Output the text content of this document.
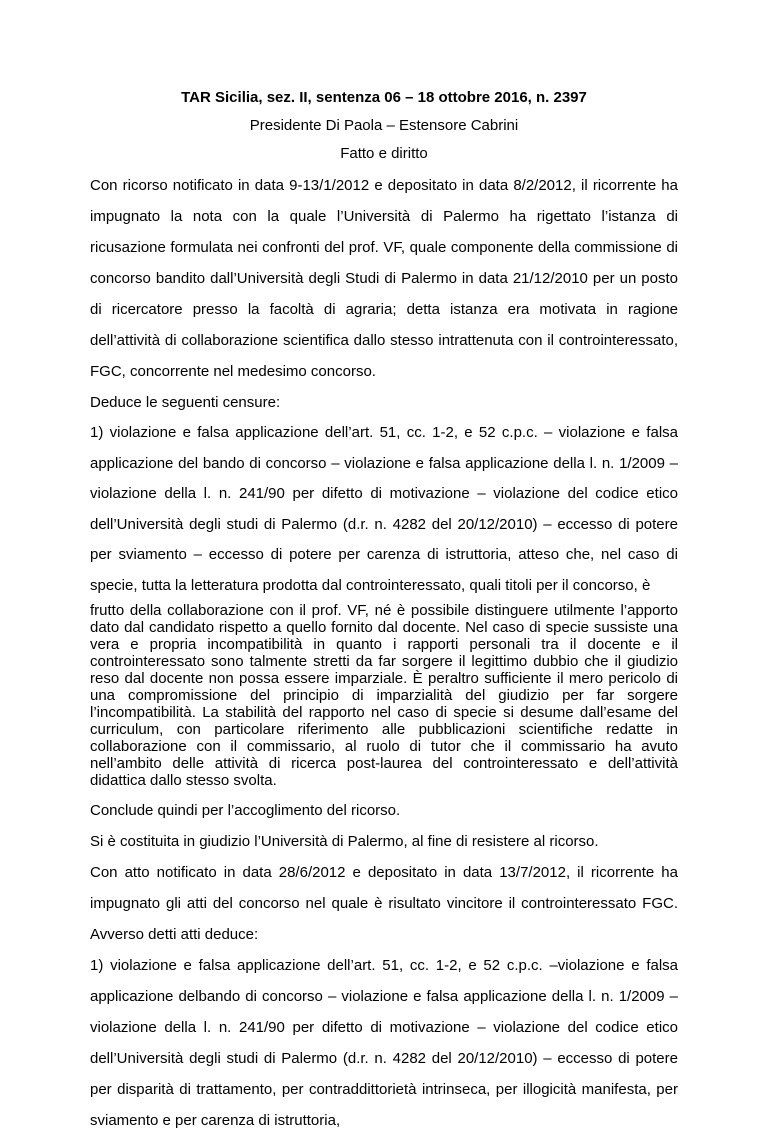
TAR Sicilia, sez. II, sentenza 06 – 18 ottobre 2016, n. 2397
Presidente Di Paola – Estensore Cabrini
Fatto e diritto

Con ricorso notificato in data 9-13/1/2012 e depositato in data 8/2/2012, il ricorrente ha impugnato la nota con la quale l’Università di Palermo ha rigettato l’istanza di ricusazione formulata nei confronti del prof. VF, quale componente della commissione di concorso bandito dall’Università degli Studi di Palermo in data 21/12/2010 per un posto di ricercatore presso la facoltà di agraria; detta istanza era motivata in ragione dell’attività di collaborazione scientifica dallo stesso intrattenuta con il controinteressato, FGC, concorrente nel medesimo concorso.

Deduce le seguenti censure:

1) violazione e falsa applicazione dell’art. 51, cc. 1-2, e 52 c.p.c. – violazione e falsa applicazione del bando di concorso – violazione e falsa applicazione della l. n. 1/2009 – violazione della l. n. 241/90 per difetto di motivazione – violazione del codice etico dell’Università degli studi di Palermo (d.r. n. 4282 del 20/12/2010) – eccesso di potere per sviamento – eccesso di potere per carenza di istruttoria, atteso che, nel caso di specie, tutta la letteratura prodotta dal controinteressato, quali titoli per il concorso, è

frutto della collaborazione con il prof. VF, né è possibile distinguere utilmente l’apporto dato dal candidato rispetto a quello fornito dal docente. Nel caso di specie sussiste una vera e propria incompatibilità in quanto i rapporti personali tra il docente e il controinteressato sono talmente stretti da far sorgere il legittimo dubbio che il giudizio reso dal docente non possa essere imparziale. È peraltro sufficiente il mero pericolo di una compromissione del principio di imparzialità del giudizio per far sorgere l’incompatibilità. La stabilità del rapporto nel caso di specie si desume dall’esame del curriculum, con particolare riferimento alle pubblicazioni scientifiche redatte in collaborazione con il commissario, al ruolo di tutor che il commissario ha avuto nell’ambito delle attività di ricerca post-laurea del controinteressato e dell’attività didattica dallo stesso svolta.

Conclude quindi per l’accoglimento del ricorso.

Si è costituita in giudizio l’Università di Palermo, al fine di resistere al ricorso.

Con atto notificato in data 28/6/2012 e depositato in data 13/7/2012, il ricorrente ha impugnato gli atti del concorso nel quale è risultato vincitore il controinteressato FGC. Avverso detti atti deduce:

1) violazione e falsa applicazione dell’art. 51, cc. 1-2, e 52 c.p.c. –violazione e falsa applicazione delbando di concorso – violazione e falsa applicazione della l. n. 1/2009 – violazione della l. n. 241/90 per difetto di motivazione – violazione del codice etico dell’Università degli studi di Palermo (d.r. n. 4282 del 20/12/2010) – eccesso di potere per disparità di trattamento, per contraddittorietà intrinseca, per illogicità manifesta, per sviamento e per carenza di istruttoria,
